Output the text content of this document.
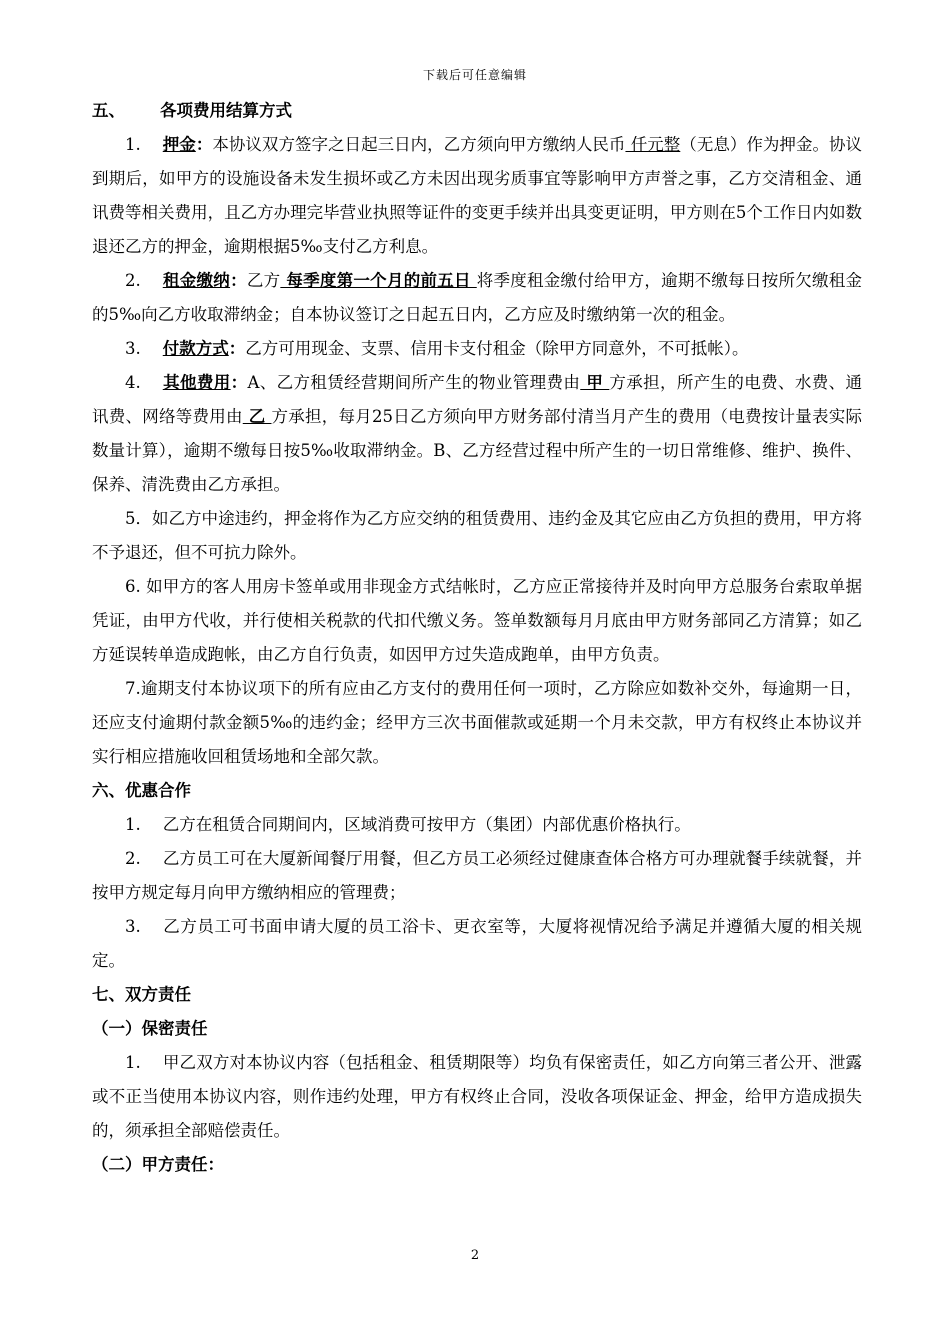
下载后可任意编辑

五、 各项费用结算方式

1. 押金：本协议双方签字之日起三日内，乙方须向甲方缴纳人民币 仟元整（无息）作为押金。协议到期后，如甲方的设施设备未发生损坏或乙方未因出现劣质事宜等影响甲方声誉之事，乙方交清租金、通讯费等相关费用，且乙方办理完毕营业执照等证件的变更手续并出具变更证明，甲方则在5个工作日内如数退还乙方的押金，逾期根据5‰支付乙方利息。

2. 租金缴纳：乙方 每季度第一个月的前五日 将季度租金缴付给甲方，逾期不缴每日按所欠缴租金的5‰向乙方收取滞纳金；自本协议签订之日起五日内，乙方应及时缴纳第一次的租金。

3. 付款方式：乙方可用现金、支票、信用卡支付租金（除甲方同意外，不可抵帐）。

4. 其他费用：A、乙方租赁经营期间所产生的物业管理费由 甲 方承担，所产生的电费、水费、通讯费、网络等费用由 乙 方承担，每月25日乙方须向甲方财务部付清当月产生的费用（电费按计量表实际数量计算），逾期不缴每日按5‰收取滞纳金。B、乙方经营过程中所产生的一切日常维修、维护、换件、保养、清洗费由乙方承担。

5．如乙方中途违约，押金将作为乙方应交纳的租赁费用、违约金及其它应由乙方负担的费用，甲方将不予退还，但不可抗力除外。

6. 如甲方的客人用房卡签单或用非现金方式结帐时，乙方应正常接待并及时向甲方总服务台索取单据凭证，由甲方代收，并行使相关税款的代扣代缴义务。签单数额每月月底由甲方财务部同乙方清算；如乙方延误转单造成跑帐，由乙方自行负责，如因甲方过失造成跑单，由甲方负责。

7.逾期支付本协议项下的所有应由乙方支付的费用任何一项时，乙方除应如数补交外，每逾期一日，还应支付逾期付款金额5‰的违约金；经甲方三次书面催款或延期一个月未交款，甲方有权终止本协议并实行相应措施收回租赁场地和全部欠款。

六、优惠合作

1. 乙方在租赁合同期间内，区域消费可按甲方（集团）内部优惠价格执行。

2. 乙方员工可在大厦新闻餐厅用餐，但乙方员工必须经过健康查体合格方可办理就餐手续就餐，并按甲方规定每月向甲方缴纳相应的管理费；

3. 乙方员工可书面申请大厦的员工浴卡、更衣室等，大厦将视情况给予满足并遵循大厦的相关规定。

七、双方责任

（一）保密责任

1. 甲乙双方对本协议内容（包括租金、租赁期限等）均负有保密责任，如乙方向第三者公开、泄露或不正当使用本协议内容，则作违约处理，甲方有权终止合同，没收各项保证金、押金，给甲方造成损失的，须承担全部赔偿责任。

（二）甲方责任：

2
